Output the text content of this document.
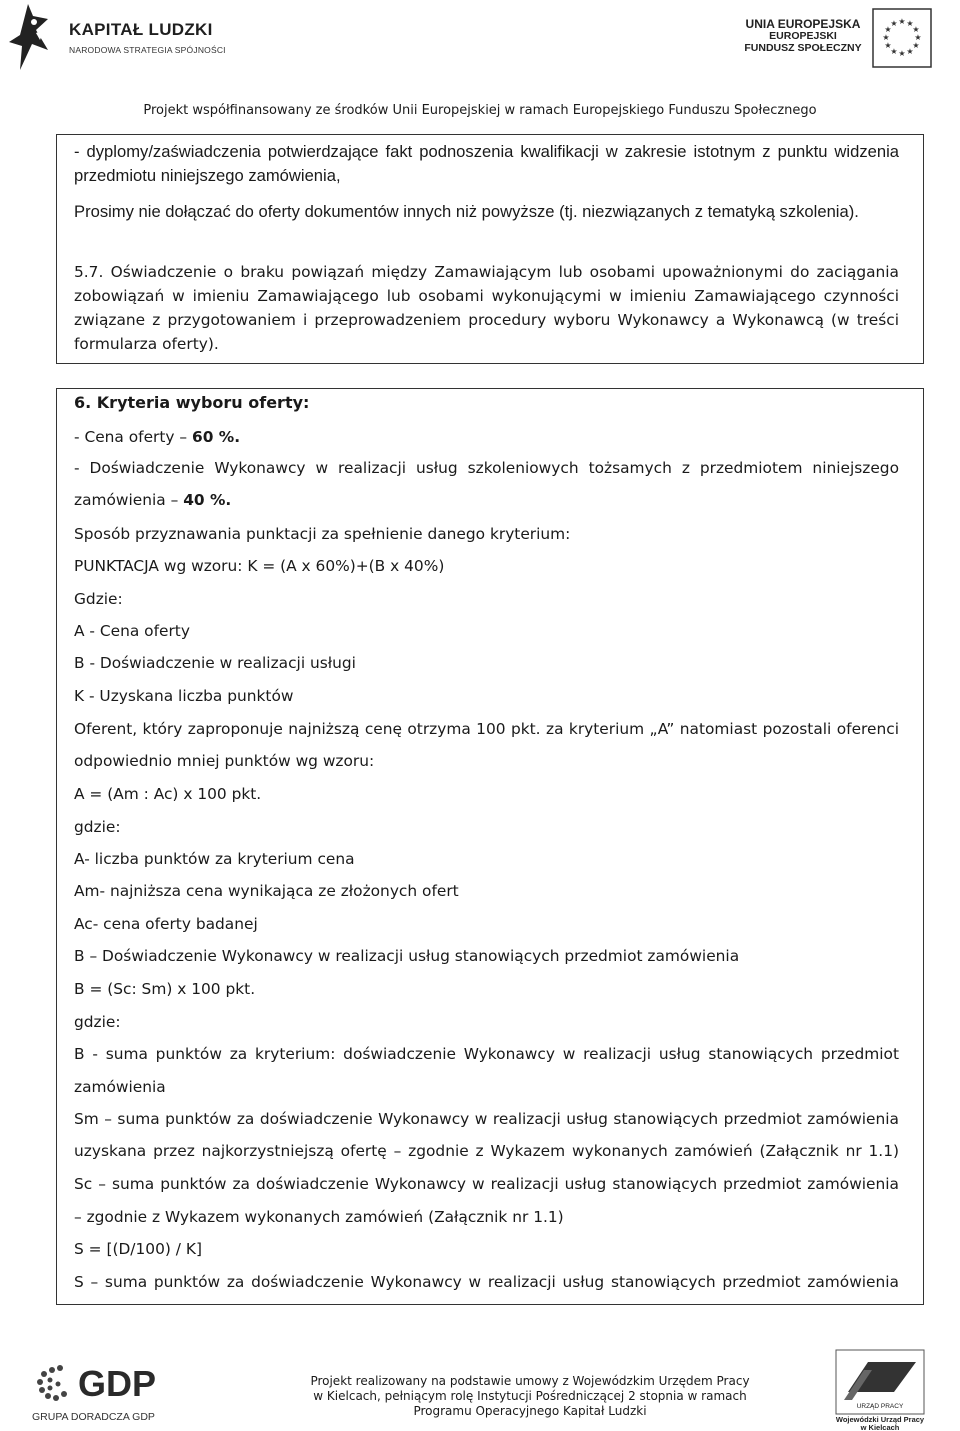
KAPITAŁ LUDZKI
NARODOWA STRATEGIA SPÓJNOŚCI
UNIA EUROPEJSKA
EUROPEJSKI
FUNDUSZ SPOŁECZNY
★ ★
★
★
★
★
★
★
★
★
★
★
Projekt współfinansowany ze środków Unii Europejskiej w ramach Europejskiego Funduszu Społecznego

- dyplomy/zaświadczenia potwierdzające fakt podnoszenia kwalifikacji w zakresie istotnym z punktu widzenia przedmiotu niniejszego zamówienia,

Prosimy nie dołączać do oferty dokumentów innych niż powyższe (tj. niezwiązanych z tematyką szkolenia).

5.7. Oświadczenie o braku powiązań między Zamawiającym lub osobami upoważnionymi do zaciągania zobowiązań w imieniu Zamawiającego lub osobami wykonującymi w imieniu Zamawiającego czynności związane z przygotowaniem i przeprowadzeniem procedury wyboru Wykonawcy a Wykonawcą (w treści formularza oferty).

6. Kryteria wyboru oferty:
- Cena oferty – 60 %.
- Doświadczenie Wykonawcy w realizacji usług szkoleniowych tożsamych z przedmiotem niniejszego
zamówienia – 40 %.
Sposób przyznawania punktacji za spełnienie danego kryterium:
PUNKTACJA wg wzoru: K = (A x 60%)+(B x 40%)
Gdzie:
A - Cena oferty
B - Doświadczenie w realizacji usługi
K - Uzyskana liczba punktów
Oferent, który zaproponuje najniższą cenę otrzyma 100 pkt. za kryterium „A” natomiast pozostali oferenci
odpowiednio mniej punktów wg wzoru:
A = (Am : Ac) x 100 pkt.
gdzie:
A- liczba punktów za kryterium cena
Am- najniższa cena wynikająca ze złożonych ofert
Ac- cena oferty badanej
B – Doświadczenie Wykonawcy w realizacji usług stanowiących przedmiot zamówienia
B = (Sc: Sm) x 100 pkt.
gdzie:
B - suma punktów za kryterium: doświadczenie Wykonawcy w realizacji usług stanowiących przedmiot
zamówienia
Sm – suma punktów za doświadczenie Wykonawcy w realizacji usług stanowiących przedmiot zamówienia
uzyskana przez najkorzystniejszą ofertę – zgodnie z Wykazem wykonanych zamówień (Załącznik nr 1.1)
Sc – suma punktów za doświadczenie Wykonawcy w realizacji usług stanowiących przedmiot zamówienia
– zgodnie z Wykazem wykonanych zamówień (Załącznik nr 1.1)
S = [(D/100) / K]
S – suma punktów za doświadczenie Wykonawcy w realizacji usług stanowiących przedmiot zamówienia
GDP
GRUPA DORADCZA GDP
Projekt realizowany na podstawie umowy z Wojewódzkim Urzędem Pracy
w Kielcach, pełniącym rolę Instytucji Pośredniczącej 2 stopnia w ramach
Programu Operacyjnego Kapitał Ludzki	URZĄD PRACY
Wojewódzki Urząd Pracy
w Kielcach
